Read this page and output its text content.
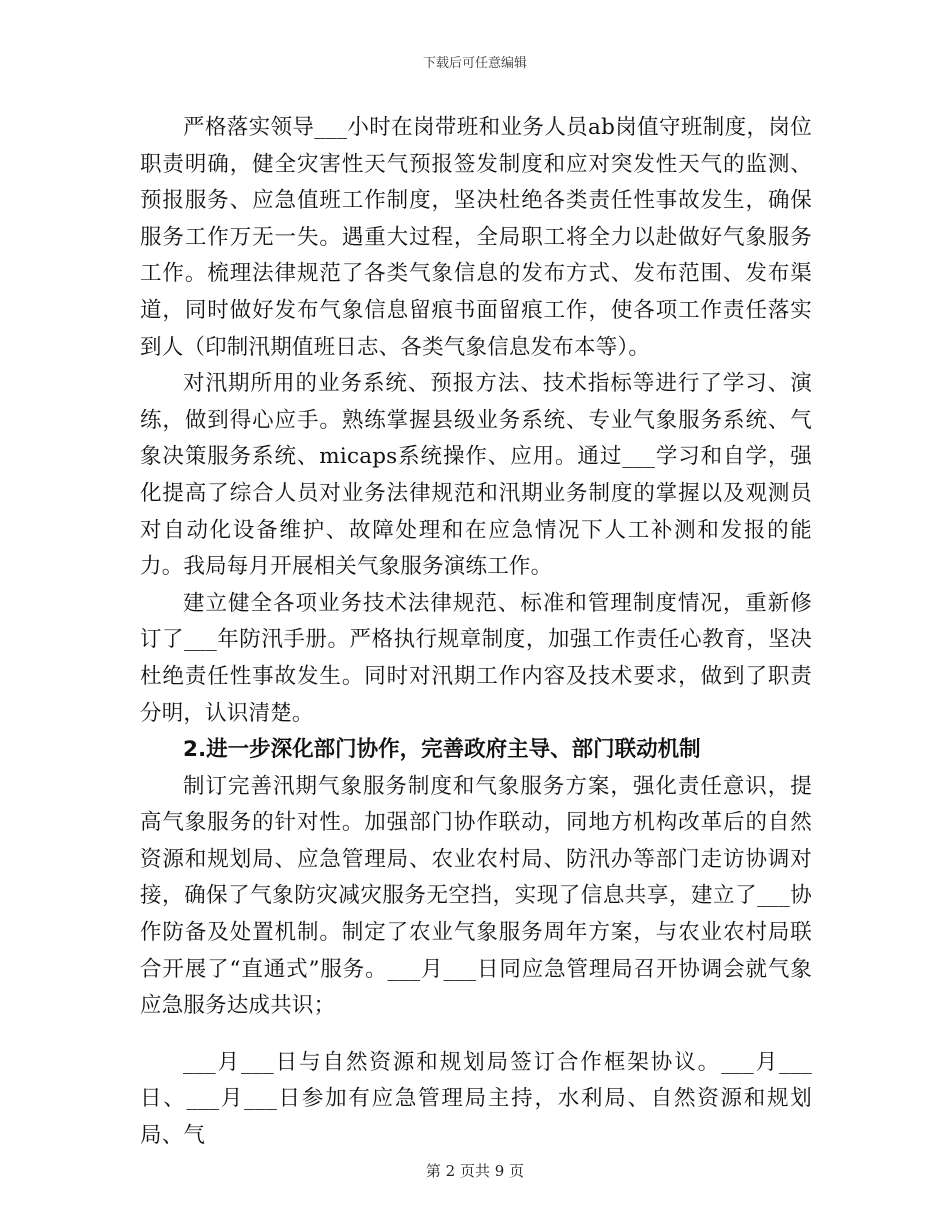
下载后可任意编辑

严格落实领导___小时在岗带班和业务人员ab岗值守班制度，岗位职责明确，健全灾害性天气预报签发制度和应对突发性天气的监测、预报服务、应急值班工作制度，坚决杜绝各类责任性事故发生，确保服务工作万无一失。遇重大过程，全局职工将全力以赴做好气象服务工作。梳理法律规范了各类气象信息的发布方式、发布范围、发布渠道，同时做好发布气象信息留痕书面留痕工作，使各项工作责任落实到人（印制汛期值班日志、各类气象信息发布本等）。

对汛期所用的业务系统、预报方法、技术指标等进行了学习、演练，做到得心应手。熟练掌握县级业务系统、专业气象服务系统、气象决策服务系统、micaps系统操作、应用。通过___学习和自学，强化提高了综合人员对业务法律规范和汛期业务制度的掌握以及观测员对自动化设备维护、故障处理和在应急情况下人工补测和发报的能力。我局每月开展相关气象服务演练工作。

建立健全各项业务技术法律规范、标准和管理制度情况，重新修订了___年防汛手册。严格执行规章制度，加强工作责任心教育，坚决杜绝责任性事故发生。同时对汛期工作内容及技术要求，做到了职责分明，认识清楚。

2.进一步深化部门协作，完善政府主导、部门联动机制

制订完善汛期气象服务制度和气象服务方案，强化责任意识，提高气象服务的针对性。加强部门协作联动，同地方机构改革后的自然资源和规划局、应急管理局、农业农村局、防汛办等部门走访协调对接，确保了气象防灾减灾服务无空挡，实现了信息共享，建立了___协作防备及处置机制。制定了农业气象服务周年方案，与农业农村局联合开展了“直通式”服务。___月___日同应急管理局召开协调会就气象应急服务达成共识；

___月___日与自然资源和规划局签订合作框架协议。___月___日、___月___日参加有应急管理局主持，水利局、自然资源和规划局、气

第 2 页共 9 页
